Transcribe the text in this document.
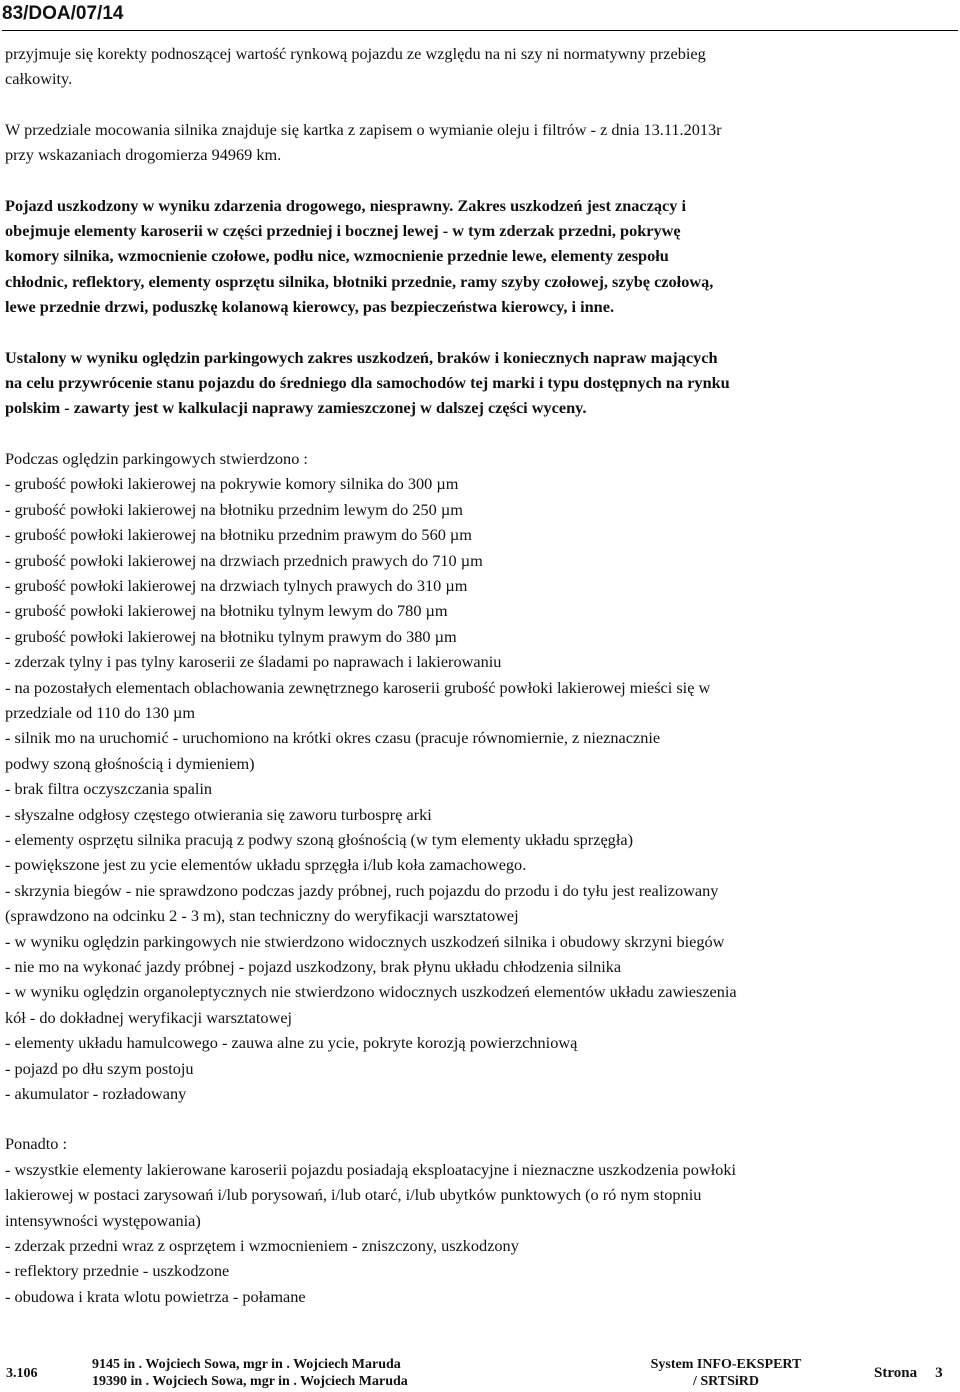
83/DOA/07/14

przyjmuje się korekty podnoszącej wartość rynkową pojazdu ze względu na ni szy ni normatywny przebieg

całkowity.

W przedziale mocowania silnika znajduje się kartka z zapisem o wymianie oleju i filtrów - z dnia 13.11.2013r

przy wskazaniach drogomierza 94969 km.

Pojazd uszkodzony w wyniku zdarzenia drogowego, niesprawny. Zakres uszkodzeń jest znaczący i

obejmuje elementy karoserii w części przedniej i bocznej lewej - w tym zderzak przedni, pokrywę

komory silnika, wzmocnienie czołowe, podłu nice, wzmocnienie przednie lewe, elementy zespołu

chłodnic, reflektory, elementy osprzętu silnika, błotniki przednie, ramy szyby czołowej, szybę czołową,

lewe przednie drzwi, poduszkę kolanową kierowcy, pas bezpieczeństwa kierowcy, i inne.

Ustalony w wyniku oględzin parkingowych zakres uszkodzeń, braków i koniecznych napraw mających

na celu przywrócenie stanu pojazdu do średniego dla samochodów tej marki i typu dostępnych na rynku

polskim - zawarty jest w kalkulacji naprawy zamieszczonej w dalszej części wyceny.

Podczas oględzin parkingowych stwierdzono :

- grubość powłoki lakierowej na pokrywie komory silnika do 300 µm

- grubość powłoki lakierowej na błotniku przednim lewym do 250 µm

- grubość powłoki lakierowej na błotniku przednim prawym do 560 µm

- grubość powłoki lakierowej na drzwiach przednich prawych do 710 µm

- grubość powłoki lakierowej na drzwiach tylnych prawych do 310 µm

- grubość powłoki lakierowej na błotniku tylnym lewym do 780 µm

- grubość powłoki lakierowej na błotniku tylnym prawym do 380 µm

- zderzak tylny i pas tylny karoserii ze śladami po naprawach i lakierowaniu

- na pozostałych elementach oblachowania zewnętrznego karoserii grubość powłoki lakierowej mieści się w

przedziale od 110 do 130 µm

- silnik mo na uruchomić - uruchomiono na krótki okres czasu (pracuje równomiernie, z nieznacznie

podwy szoną głośnością i dymieniem)

- brak filtra oczyszczania spalin

- słyszalne odgłosy częstego otwierania się zaworu turbosprę arki

- elementy osprzętu silnika pracują z podwy szoną głośnością (w tym elementy układu sprzęgła)

- powiększone jest zu ycie elementów układu sprzęgła i/lub koła zamachowego.

- skrzynia biegów - nie sprawdzono podczas jazdy próbnej, ruch pojazdu do przodu i do tyłu jest realizowany

(sprawdzono na odcinku 2 - 3 m), stan techniczny do weryfikacji warsztatowej

- w wyniku oględzin parkingowych nie stwierdzono widocznych uszkodzeń silnika i obudowy skrzyni biegów

- nie mo na wykonać jazdy próbnej - pojazd uszkodzony, brak płynu układu chłodzenia silnika

- w wyniku oględzin organoleptycznych nie stwierdzono widocznych uszkodzeń elementów układu zawieszenia

kół - do dokładnej weryfikacji warsztatowej

- elementy układu hamulcowego - zauwa alne zu ycie, pokryte korozją powierzchniową

- pojazd po dłu szym postoju

- akumulator - rozładowany

Ponadto :

- wszystkie elementy lakierowane karoserii pojazdu posiadają eksploatacyjne i nieznaczne uszkodzenia powłoki

lakierowej w postaci zarysowań i/lub porysowań, i/lub otarć, i/lub ubytków punktowych (o ró nym stopniu

intensywności występowania)

- zderzak przedni wraz z osprzętem i wzmocnieniem - zniszczony, uszkodzony

- reflektory przednie - uszkodzone

- obudowa i krata wlotu powietrza - połamane

3.106
9145 in . Wojciech Sowa, mgr in . Wojciech Maruda
19390 in . Wojciech Sowa, mgr in . Wojciech Maruda
System INFO-EKSPERT
/ SRTSiRD
Strona 3
